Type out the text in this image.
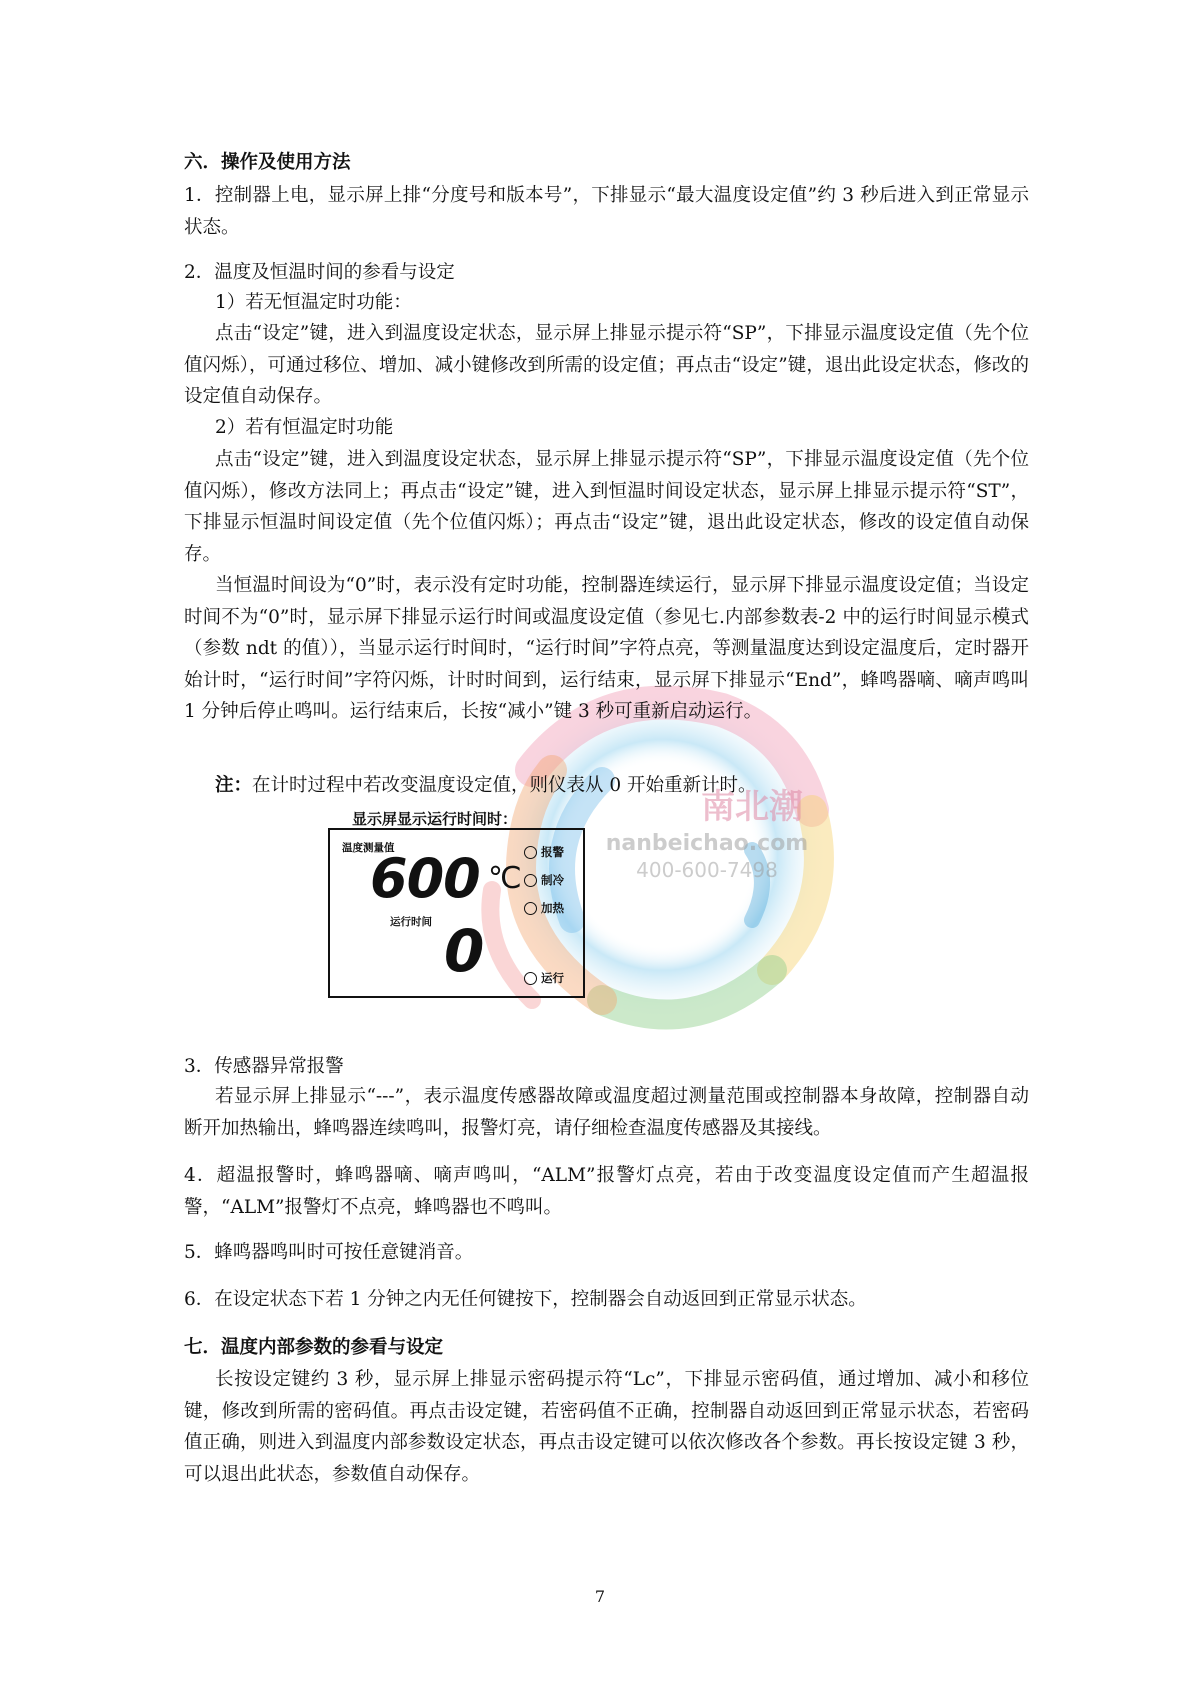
南北潮
nanbeichao.com
400-600-7498

六．操作及使用方法

1．控制器上电，显示屏上排“分度号和版本号”，下排显示“最大温度设定值”约 3 秒后进入到正常显示状态。

2．温度及恒温时间的参看与设定

1）若无恒温定时功能：

点击“设定”键，进入到温度设定状态，显示屏上排显示提示符“SP”，下排显示温度设定值（先个位值闪烁），可通过移位、增加、减小键修改到所需的设定值；再点击“设定”键，退出此设定状态，修改的设定值自动保存。

2）若有恒温定时功能

点击“设定”键，进入到温度设定状态，显示屏上排显示提示符“SP”，下排显示温度设定值（先个位值闪烁），修改方法同上；再点击“设定”键，进入到恒温时间设定状态，显示屏上排显示提示符“ST”，下排显示恒温时间设定值（先个位值闪烁）；再点击“设定”键，退出此设定状态，修改的设定值自动保存。

当恒温时间设为“0”时，表示没有定时功能，控制器连续运行，显示屏下排显示温度设定值；当设定时间不为“0”时，显示屏下排显示运行时间或温度设定值（参见七.内部参数表-2 中的运行时间显示模式（参数 ndt 的值）），当显示运行时间时，“运行时间”字符点亮，等测量温度达到设定温度后，定时器开始计时，“运行时间”字符闪烁，计时时间到，运行结束，显示屏下排显示“End”，蜂鸣器嘀、嘀声鸣叫 1 分钟后停止鸣叫。运行结束后，长按“减小”键 3 秒可重新启动运行。

注：在计时过程中若改变温度设定值，则仪表从 0 开始重新计时。

显示屏显示运行时间时：
温度测量值
600 ℃
运行时间 0
报警
制冷
加热
运行

3．传感器异常报警

若显示屏上排显示“---”，表示温度传感器故障或温度超过测量范围或控制器本身故障，控制器自动断开加热输出，蜂鸣器连续鸣叫，报警灯亮，请仔细检查温度传感器及其接线。

4．超温报警时，蜂鸣器嘀、嘀声鸣叫，“ALM”报警灯点亮，若由于改变温度设定值而产生超温报警，“ALM”报警灯不点亮，蜂鸣器也不鸣叫。

5．蜂鸣器鸣叫时可按任意键消音。

6．在设定状态下若 1 分钟之内无任何键按下，控制器会自动返回到正常显示状态。

七．温度内部参数的参看与设定

长按设定键约 3 秒，显示屏上排显示密码提示符“Lc”，下排显示密码值，通过增加、减小和移位键，修改到所需的密码值。再点击设定键，若密码值不正确，控制器自动返回到正常显示状态，若密码值正确，则进入到温度内部参数设定状态，再点击设定键可以依次修改各个参数。再长按设定键 3 秒，可以退出此状态，参数值自动保存。

7
